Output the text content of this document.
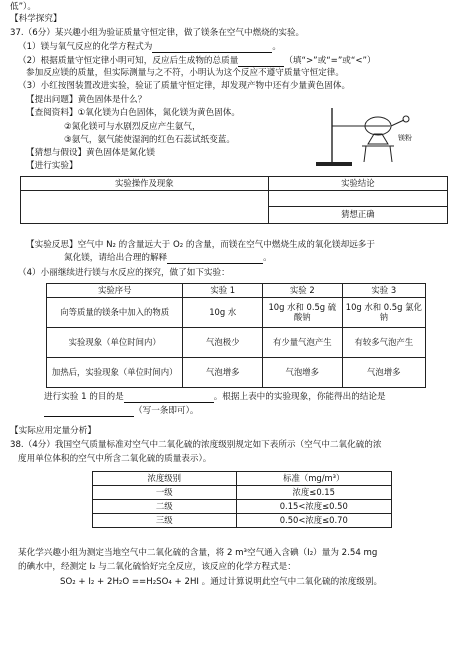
低”）。
【科学探究】
37.（6分）某兴趣小组为验证质量守恒定律，做了镁条在空气中燃烧的实验。
（1）镁与氧气反应的化学方程式为	。
（2）根据质量守恒定律小明可知，反应后生成物的总质量	（填“>”或“=”或“<”）
参加反应镁的质量，但实际测量与之不符，小明认为这个反应不遵守质量守恒定律。
（3）小红按图装置改进实验，验证了质量守恒定律，却发现产物中还有少量黄色固体。
【提出问题】黄色固体是什么？
【查阅资料】①氧化镁为白色固体，氮化镁为黄色固体。
②氮化镁可与水剧烈反应产生氨气，
③氨气，氨气能使湿润的红色石蕊试纸变蓝。
【猜想与假设】黄色固体是氮化镁
【进行实验】
镁粉
实验操作及现象	实验结论

	猜想正确
【实验反思】空气中 N₂ 的含量远大于 O₂ 的含量，而镁在空气中燃烧生成的氧化镁却远多于
氮化镁，请给出合理的解释	。
（4）小丽继续进行镁与水反应的探究，做了如下实验：
实验序号	实验 1	实验 2	实验 3
向等质量的镁条中加入的物质	10g 水	10g 水和 0.5g 硫酸钠	10g 水和 0.5g 氯化钠
实验现象（单位时间内）	气泡极少	有少量气泡产生	有较多气泡产生
加热后，实验现象（单位时间内）	气泡增多	气泡增多	气泡增多
进行实验 1 的目的是	。根据上表中的实验现象，你能得出的结论是
（写一条即可）。
【实际应用定量分析】
38.（4分）我国空气质量标准对空气中二氧化硫的浓度级别规定如下表所示（空气中二氧化硫的浓
度用单位体积的空气中所含二氧化硫的质量表示）。
浓度级别	标准（mg/m³）
一级	浓度≤0.15
二级	0.15<浓度≤0.50
三级	0.50<浓度≤0.70
某化学兴趣小组为测定当地空气中二氧化硫的含量，将 2 m³空气通入含碘（I₂）量为 2.54 mg
的碘水中，经测定 I₂ 与二氧化硫恰好完全反应，该反应的化学方程式是：
SO₂ + I₂ + 2H₂O ==H₂SO₄ + 2HI 。通过计算说明此空气中二氧化硫的浓度级别。
